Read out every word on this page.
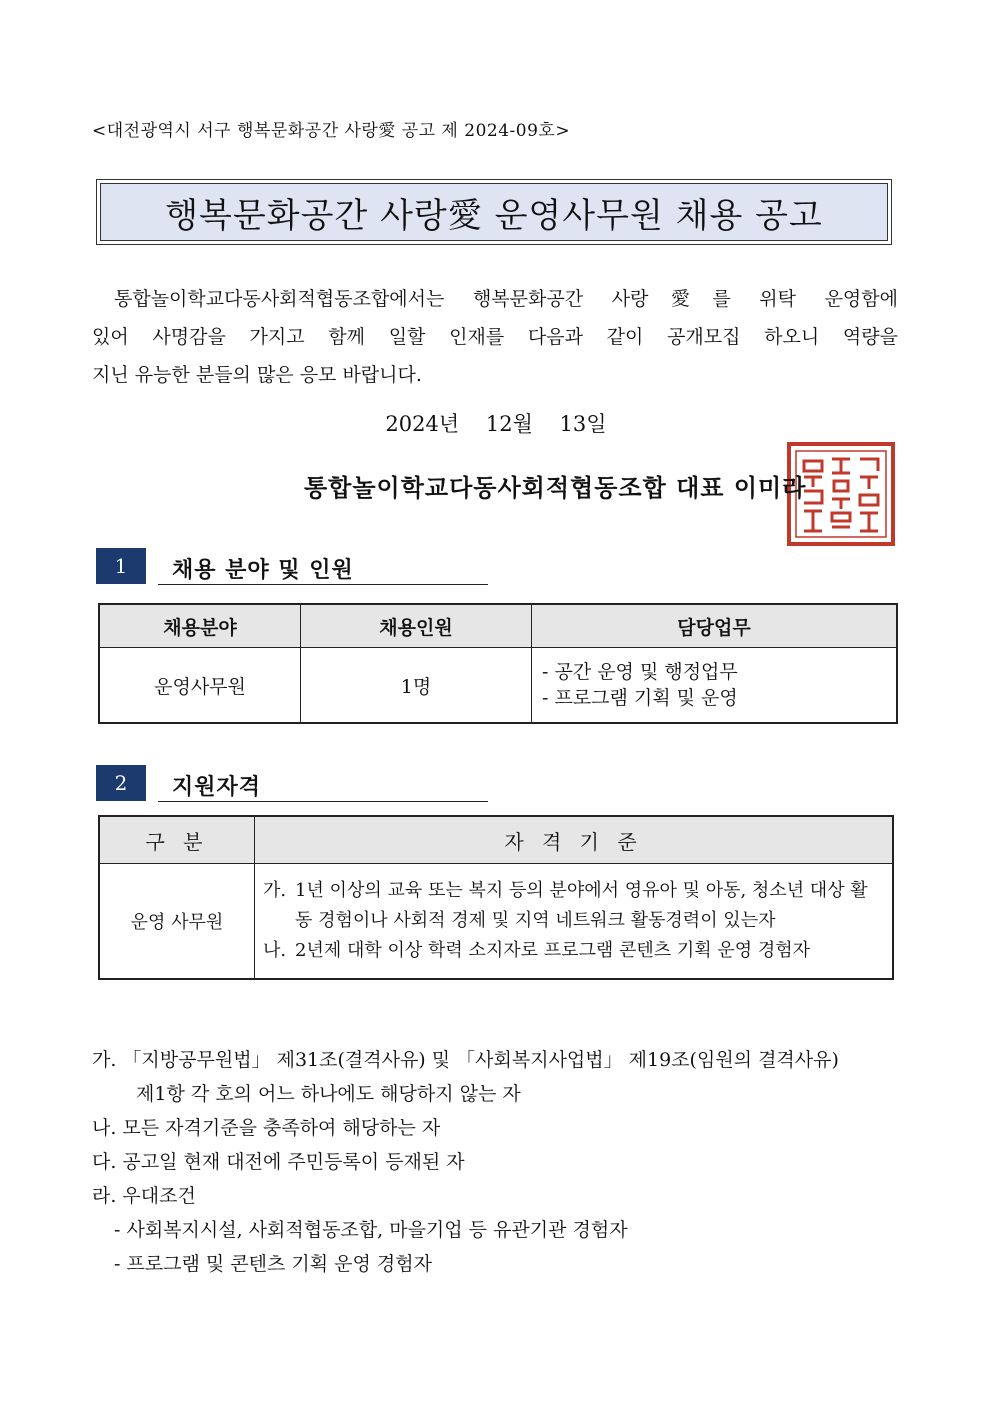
<대전광역시 서구 행복문화공간 사랑愛 공고 제 2024-09호>
행복문화공간 사랑愛 운영사무원 채용 공고

통합놀이학교다동사회적협동조합에서는 행복문화공간 사랑愛를 위탁 운영함에

있어 사명감을 가지고 함께 일할 인재를 다음과 같이 공개모집 하오니 역량을

지닌 유능한 분들의 많은 응모 바랍니다.

2024년 12월 13일
통합놀이학교다동사회적협동조합 대표 이미라
1	채용 분야 및 인원
채용분야	채용인원	담당업무
운영사무원	1명	- 공간 운영 및 행정업무
- 프로그램 기획 및 운영
2	지원자격
구 분	자 격 기 준
운영 사무원	가. 1년 이상의 교육 또는 복지 등의 분야에서 영유아 및 아동, 청소년 대상 활동 경험이나 사회적 경제 및 지역 네트워크 활동경력이 있는자
나. 2년제 대학 이상 학력 소지자로 프로그램 콘텐츠 기획 운영 경험자
가. 「지방공무원법」 제31조(결격사유) 및 「사회복지사업법」 제19조(임원의 결격사유)
제1항 각 호의 어느 하나에도 해당하지 않는 자
나. 모든 자격기준을 충족하여 해당하는 자
다. 공고일 현재 대전에 주민등록이 등재된 자
라. 우대조건
- 사회복지시설, 사회적협동조합, 마을기업 등 유관기관 경험자
- 프로그램 및 콘텐츠 기획 운영 경험자
